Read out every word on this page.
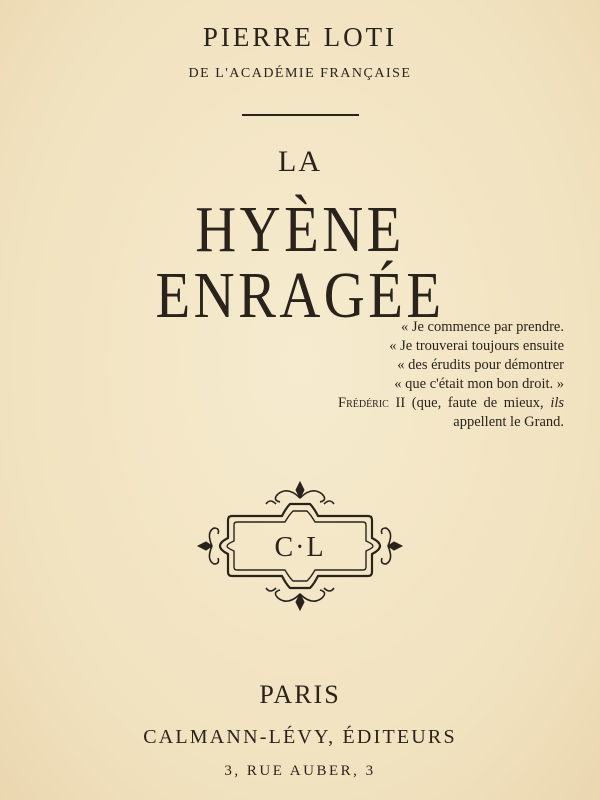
PIERRE LOTI
DE L'ACADÉMIE FRANÇAISE
LA
HYÈNE ENRAGÉE
« Je commence par prendre.
« Je trouverai toujours ensuite
« des érudits pour démontrer
« que c'était mon bon droit. »
Frédéric II (que, faute de mieux, ils appellent le Grand.
C·L
PARIS
CALMANN-LÉVY, ÉDITEURS
3, RUE AUBER, 3
